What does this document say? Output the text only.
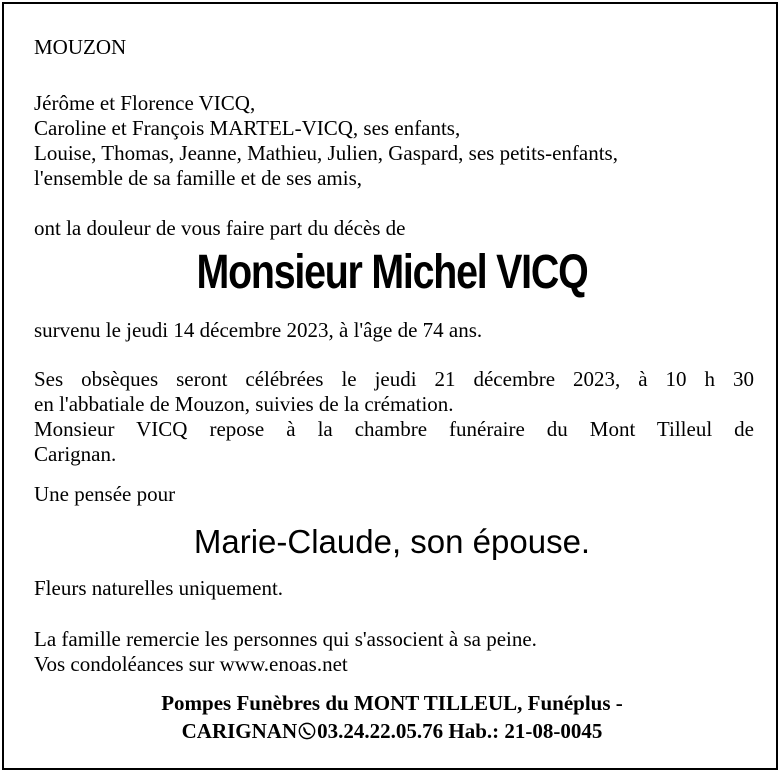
MOUZON
Jérôme et Florence VICQ,
Caroline et François MARTEL-VICQ, ses enfants,
Louise, Thomas, Jeanne, Mathieu, Julien, Gaspard, ses petits-enfants,
l'ensemble de sa famille et de ses amis,
ont la douleur de vous faire part du décès de
Monsieur Michel VICQ
survenu le jeudi 14 décembre 2023, à l'âge de 74 ans.
Ses obsèques seront célébrées le jeudi 21 décembre 2023, à 10 h 30
en l'abbatiale de Mouzon, suivies de la crémation.
Monsieur VICQ repose à la chambre funéraire du Mont Tilleul de
Carignan.
Une pensée pour
Marie-Claude, son épouse.
Fleurs naturelles uniquement.
La famille remercie les personnes qui s'associent à sa peine.
Vos condoléances sur www.enoas.net
Pompes Funèbres du MONT TILLEUL, Funéplus -
CARIGNAN 03.24.22.05.76 Hab.: 21-08-0045
